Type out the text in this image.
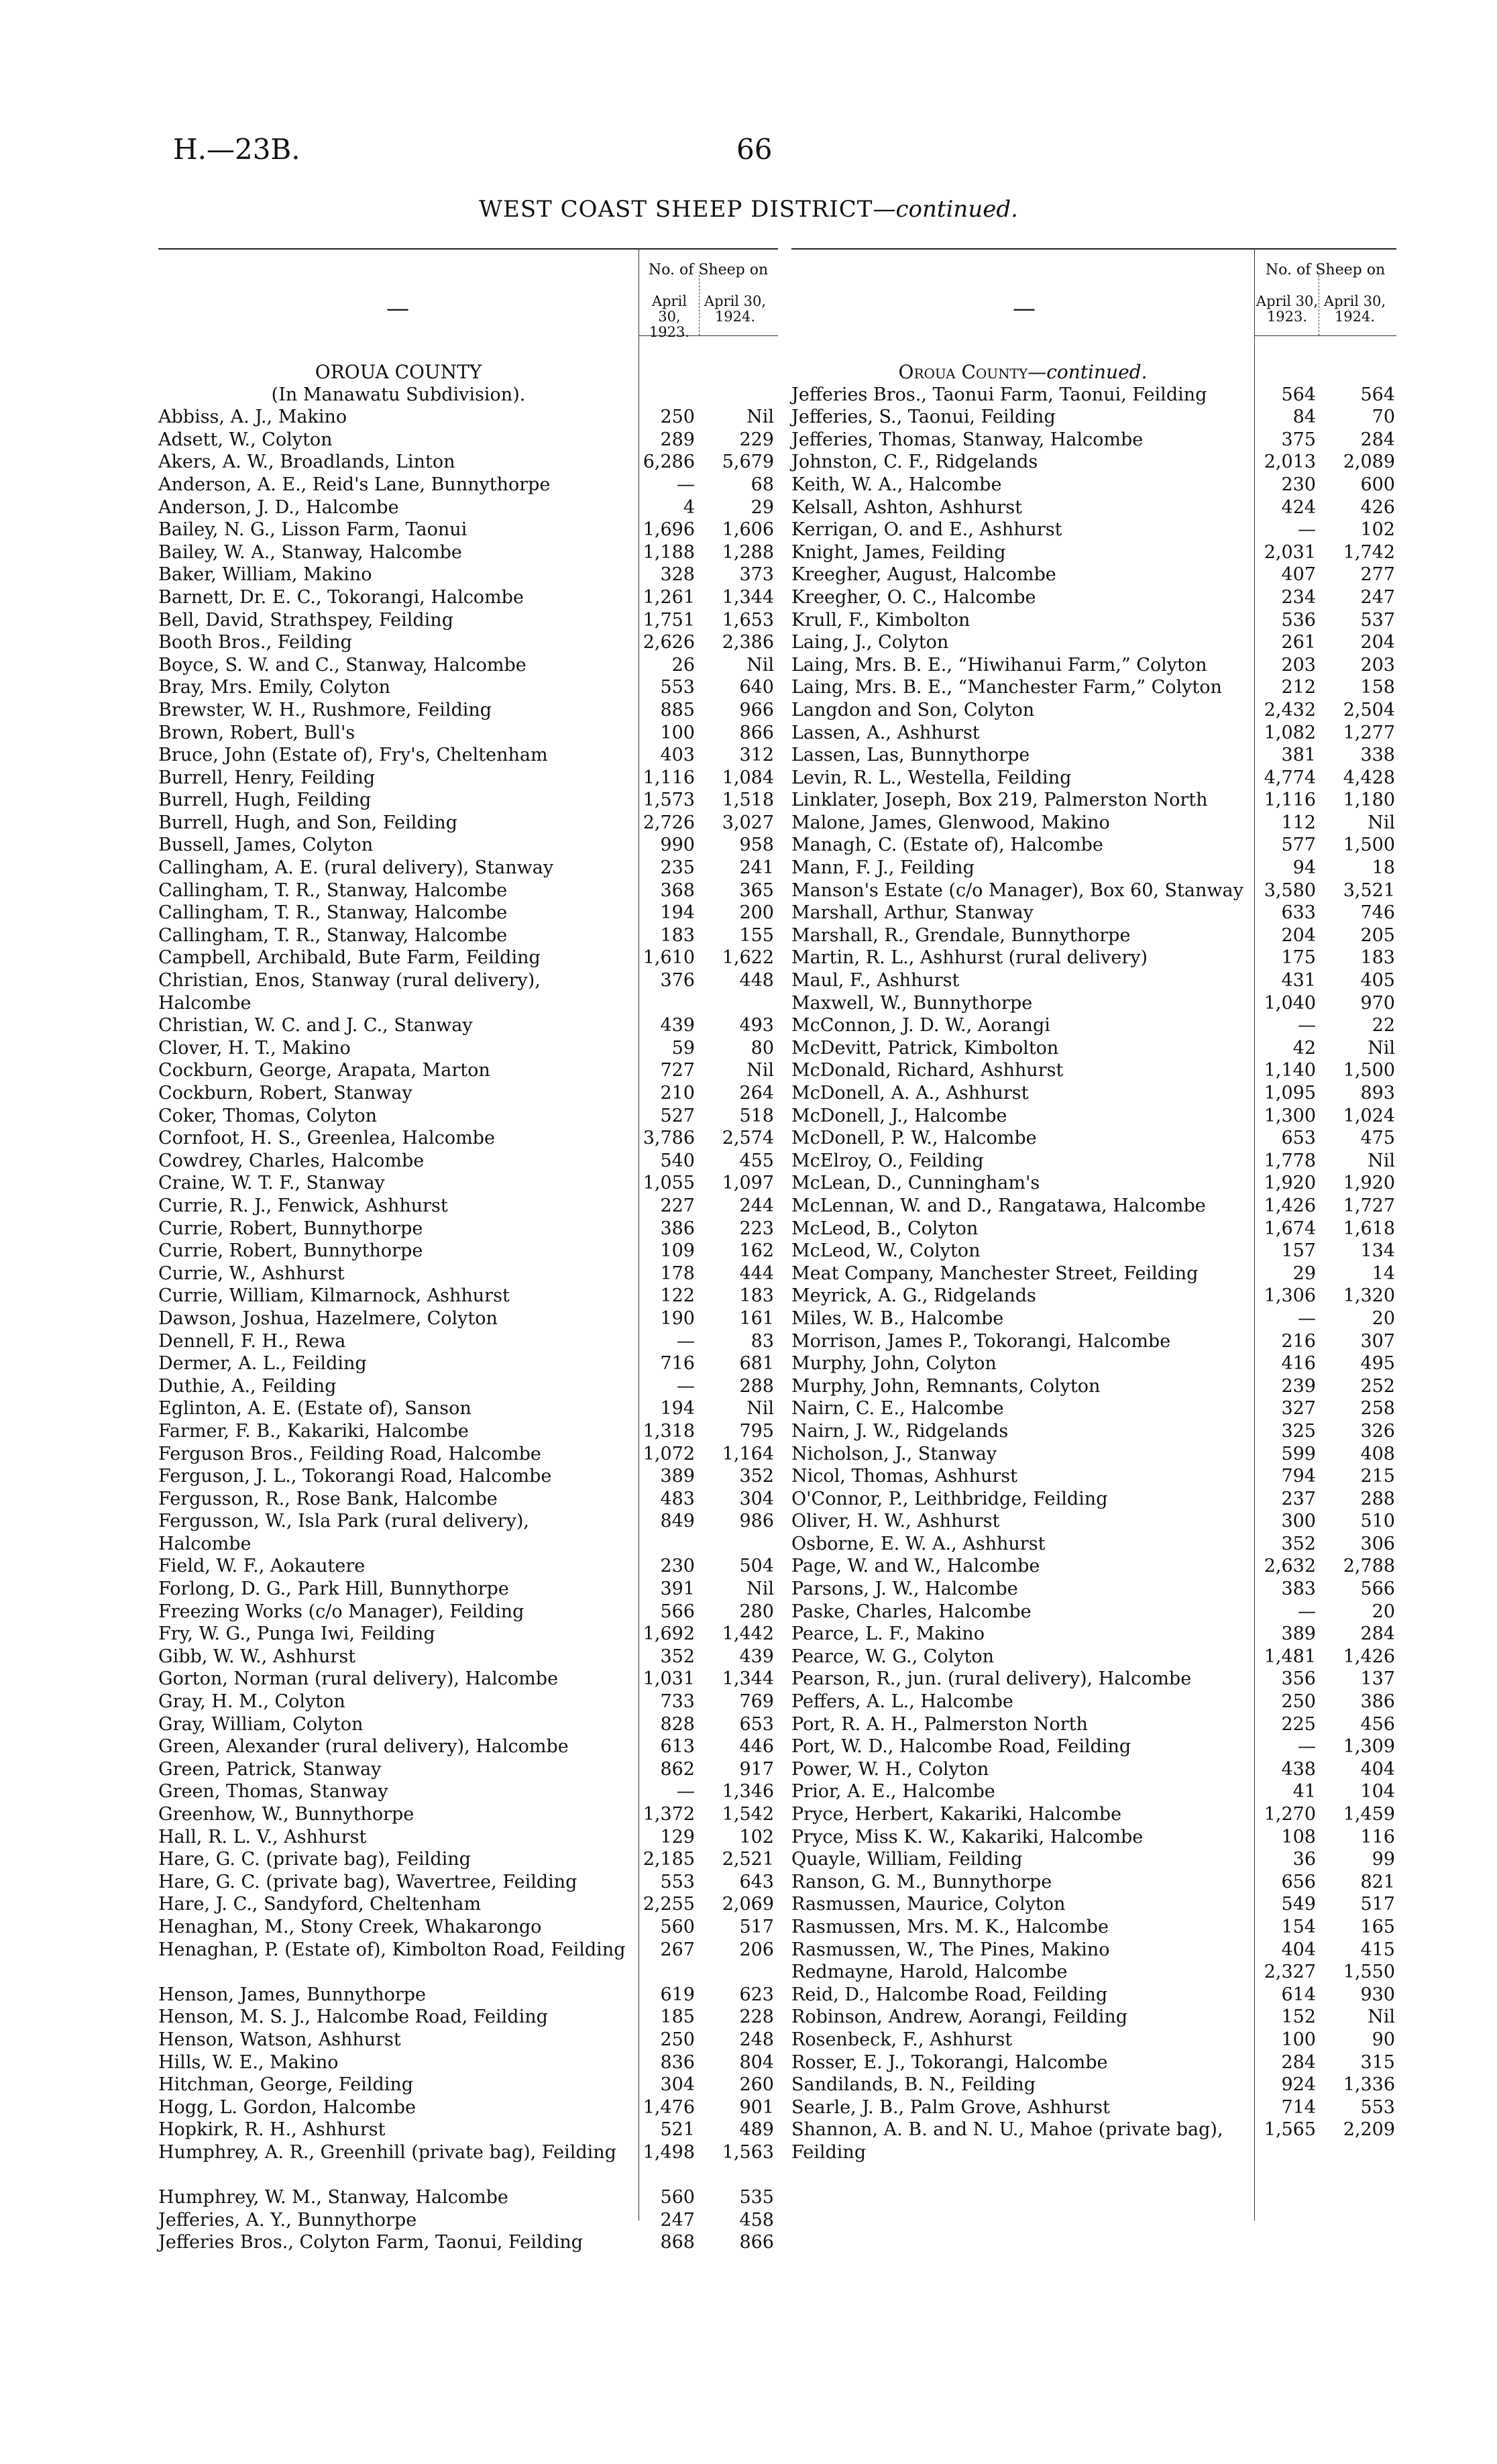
H.—23B.	66
WEST COAST SHEEP DISTRICT—continued.
No. of Sheep on
—	April 30, 1923.
April 30, 1924.
OROUA COUNTY
(In Manawatu Subdivision).
Abbiss, A. J., Makino	250	Nil
Adsett, W., Colyton	289 229
Akers, A. W., Broadlands, Linton	6,286 5,679
Anderson, A. E., Reid's Lane, Bunnythorpe	—	68
Anderson, J. D., Halcombe	4	29
Bailey, N. G., Lisson Farm, Taonui	1,696 1,606
Bailey, W. A., Stanway, Halcombe	1,188 1,288
Baker, William, Makino	328 373
Barnett, Dr. E. C., Tokorangi, Halcombe	1,261 1,344
Bell, David, Strathspey, Feilding	1,751 1,653
Booth Bros., Feilding	2,626 2,386
Boyce, S. W. and C., Stanway, Halcombe	26	Nil
Bray, Mrs. Emily, Colyton	553 640
Brewster, W. H., Rushmore, Feilding	885 966
Brown, Robert, Bull's	100 866
Bruce, John (Estate of), Fry's, Cheltenham	403 312
Burrell, Henry, Feilding	1,116 1,084
Burrell, Hugh, Feilding	1,573 1,518
Burrell, Hugh, and Son, Feilding	2,726 3,027
Bussell, James, Colyton	990 958
Callingham, A. E. (rural delivery), Stanway	235 241
Callingham, T. R., Stanway, Halcombe	368 365
Callingham, T. R., Stanway, Halcombe	194 200
Callingham, T. R., Stanway, Halcombe	183 155
Campbell, Archibald, Bute Farm, Feilding	1,610 1,622
Christian, Enos, Stanway (rural delivery), Halcombe
376 448
Christian, W. C. and J. C., Stanway	439 493
Clover, H. T., Makino	59	80
Cockburn, George, Arapata, Marton	727	Nil
Cockburn, Robert, Stanway	210 264
Coker, Thomas, Colyton	527 518
Cornfoot, H. S., Greenlea, Halcombe	3,786 2,574
Cowdrey, Charles, Halcombe	540 455
Craine, W. T. F., Stanway	1,055 1,097
Currie, R. J., Fenwick, Ashhurst	227 244
Currie, Robert, Bunnythorpe	386 223
Currie, Robert, Bunnythorpe	109 162
Currie, W., Ashhurst	178 444
Currie, William, Kilmarnock, Ashhurst	122 183
Dawson, Joshua, Hazelmere, Colyton	190 161
Dennell, F. H., Rewa	—	83
Dermer, A. L., Feilding	716 681
Duthie, A., Feilding	— 288
Eglinton, A. E. (Estate of), Sanson	194	Nil
Farmer, F. B., Kakariki, Halcombe	1,318 795
Ferguson Bros., Feilding Road, Halcombe	1,072 1,164
Ferguson, J. L., Tokorangi Road, Halcombe	389 352
Fergusson, R., Rose Bank, Halcombe	483 304
Fergusson, W., Isla Park (rural delivery), Halcombe
849 986
Field, W. F., Aokautere	230 504
Forlong, D. G., Park Hill, Bunnythorpe	391	Nil
Freezing Works (c/o Manager), Feilding	566 280
Fry, W. G., Punga Iwi, Feilding	1,692 1,442
Gibb, W. W., Ashhurst	352 439
Gorton, Norman (rural delivery), Halcombe	1,031 1,344
Gray, H. M., Colyton	733 769
Gray, William, Colyton	828 653
Green, Alexander (rural delivery), Halcombe	613 446
Green, Patrick, Stanway	862 917
Green, Thomas, Stanway	— 1,346
Greenhow, W., Bunnythorpe	1,372 1,542
Hall, R. L. V., Ashhurst	129 102
Hare, G. C. (private bag), Feilding	2,185 2,521
Hare, G. C. (private bag), Wavertree, Feilding	553 643
Hare, J. C., Sandyford, Cheltenham	2,255 2,069
Henaghan, M., Stony Creek, Whakarongo	560 517
Henaghan, P. (Estate of), Kimbolton Road, Feilding 267 206
Henson, James, Bunnythorpe	619 623
Henson, M. S. J., Halcombe Road, Feilding	185 228
Henson, Watson, Ashhurst	250 248
Hills, W. E., Makino	836 804
Hitchman, George, Feilding	304 260
Hogg, L. Gordon, Halcombe	1,476 901
Hopkirk, R. H., Ashhurst	521 489
Humphrey, A. R., Greenhill (private bag), Feilding	1,498 1,563
Humphrey, W. M., Stanway, Halcombe	560 535
Jefferies, A. Y., Bunnythorpe	247 458
Jefferies Bros., Colyton Farm, Taonui, Feilding	868 866
No. of Sheep on
—	April 30, 1923.
April 30, 1924.
Oroua County—continued.
Jefferies Bros., Taonui Farm, Taonui, Feilding	564 564
Jefferies, S., Taonui, Feilding	84	70
Jefferies, Thomas, Stanway, Halcombe	375 284
Johnston, C. F., Ridgelands	2,013 2,089
Keith, W. A., Halcombe	230 600
Kelsall, Ashton, Ashhurst	424 426
Kerrigan, O. and E., Ashhurst	— 102
Knight, James, Feilding	2,031 1,742
Kreegher, August, Halcombe	407 277
Kreegher, O. C., Halcombe	234 247
Krull, F., Kimbolton	536 537
Laing, J., Colyton	261 204
Laing, Mrs. B. E., “Hiwihanui Farm,” Colyton	203 203
Laing, Mrs. B. E., “Manchester Farm,” Colyton	212 158
Langdon and Son, Colyton	2,432 2,504
Lassen, A., Ashhurst	1,082 1,277
Lassen, Las, Bunnythorpe	381 338
Levin, R. L., Westella, Feilding	4,774 4,428
Linklater, Joseph, Box 219, Palmerston North	1,116 1,180
Malone, James, Glenwood, Makino	112	Nil
Managh, C. (Estate of), Halcombe	577 1,500
Mann, F. J., Feilding	94	18
Manson's Estate (c/o Manager), Box 60, Stanway 3,580 3,521
Marshall, Arthur, Stanway	633 746
Marshall, R., Grendale, Bunnythorpe	204 205
Martin, R. L., Ashhurst (rural delivery)	175 183
Maul, F., Ashhurst	431 405
Maxwell, W., Bunnythorpe	1,040 970
McConnon, J. D. W., Aorangi	—	22
McDevitt, Patrick, Kimbolton	42	Nil
McDonald, Richard, Ashhurst	1,140 1,500
McDonell, A. A., Ashhurst	1,095 893
McDonell, J., Halcombe	1,300 1,024
McDonell, P. W., Halcombe	653 475
McElroy, O., Feilding	1,778	Nil
McLean, D., Cunningham's	1,920 1,920
McLennan, W. and D., Rangatawa, Halcombe	1,426 1,727
McLeod, B., Colyton	1,674 1,618
McLeod, W., Colyton	157 134
Meat Company, Manchester Street, Feilding	29	14
Meyrick, A. G., Ridgelands	1,306 1,320
Miles, W. B., Halcombe	—	20
Morrison, James P., Tokorangi, Halcombe	216 307
Murphy, John, Colyton	416 495
Murphy, John, Remnants, Colyton	239 252
Nairn, C. E., Halcombe	327 258
Nairn, J. W., Ridgelands	325 326
Nicholson, J., Stanway	599 408
Nicol, Thomas, Ashhurst	794 215
O'Connor, P., Leithbridge, Feilding	237 288
Oliver, H. W., Ashhurst	300 510
Osborne, E. W. A., Ashhurst	352 306
Page, W. and W., Halcombe	2,632 2,788
Parsons, J. W., Halcombe	383 566
Paske, Charles, Halcombe	—	20
Pearce, L. F., Makino	389 284
Pearce, W. G., Colyton	1,481 1,426
Pearson, R., jun. (rural delivery), Halcombe	356 137
Peffers, A. L., Halcombe	250 386
Port, R. A. H., Palmerston North	225 456
Port, W. D., Halcombe Road, Feilding	— 1,309
Power, W. H., Colyton	438 404
Prior, A. E., Halcombe	41 104
Pryce, Herbert, Kakariki, Halcombe	1,270 1,459
Pryce, Miss K. W., Kakariki, Halcombe	108 116
Quayle, William, Feilding	36	99
Ranson, G. M., Bunnythorpe	656 821
Rasmussen, Maurice, Colyton	549 517
Rasmussen, Mrs. M. K., Halcombe	154 165
Rasmussen, W., The Pines, Makino	404 415
Redmayne, Harold, Halcombe	2,327 1,550
Reid, D., Halcombe Road, Feilding	614 930
Robinson, Andrew, Aorangi, Feilding	152	Nil
Rosenbeck, F., Ashhurst	100	90
Rosser, E. J., Tokorangi, Halcombe	284 315
Sandilands, B. N., Feilding	924 1,336
Searle, J. B., Palm Grove, Ashhurst	714 553
Shannon, A. B. and N. U., Mahoe (private bag), Feilding
1,565 2,209
